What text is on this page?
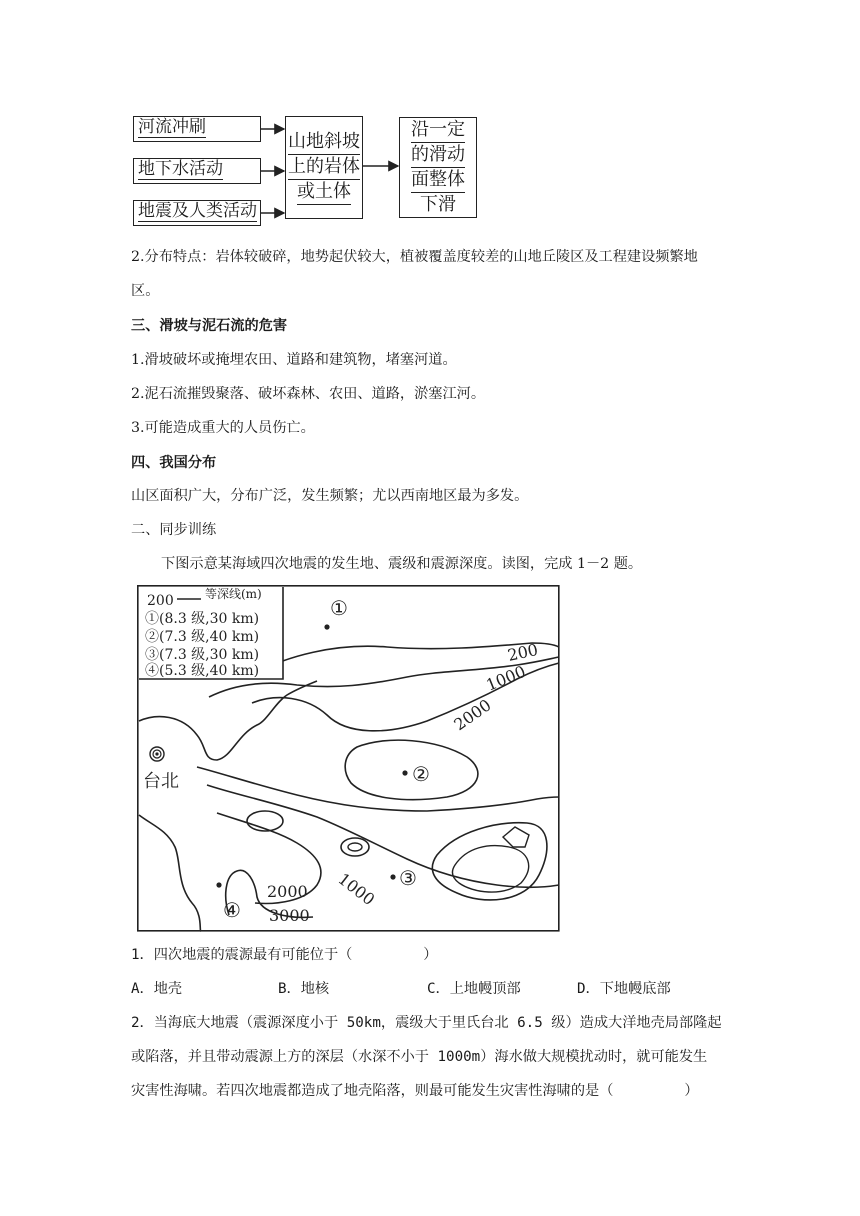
河流冲刷
地下水活动
地震及人类活动
山地斜坡
上的岩体
或土体
沿一定
的滑动
面整体
下滑
2.分布特点：岩体较破碎，地势起伏较大，植被覆盖度较差的山地丘陵区及工程建设频繁地
区。
三、滑坡与泥石流的危害
1.滑坡破坏或掩埋农田、道路和建筑物，堵塞河道。
2.泥石流摧毁聚落、破坏森林、农田、道路，淤塞江河。
3.可能造成重大的人员伤亡。
四、我国分布
山区面积广大，分布广泛，发生频繁；尤以西南地区最为多发。
二、同步训练
下图示意某海域四次地震的发生地、震级和震源深度。读图，完成 1－2 题。
台北
①
②
③
④
200
1000
2000
2000 1000
3000
200	等深线(m)
①(8.3 级,30 km)
②(7.3 级,40 km)
③(7.3 级,30 km)
④(5.3 级,40 km)
1．四次地震的震源最有可能位于（　　　　　）
A．地壳	B．地核	C．上地幔顶部	D．下地幔底部
2．当海底大地震（震源深度小于 50km，震级大于里氏台北 6.5 级）造成大洋地壳局部隆起
或陷落，并且带动震源上方的深层（水深不小于 1000m）海水做大规模扰动时，就可能发生
灾害性海啸。若四次地震都造成了地壳陷落，则最可能发生灾害性海啸的是（　　　　　）
